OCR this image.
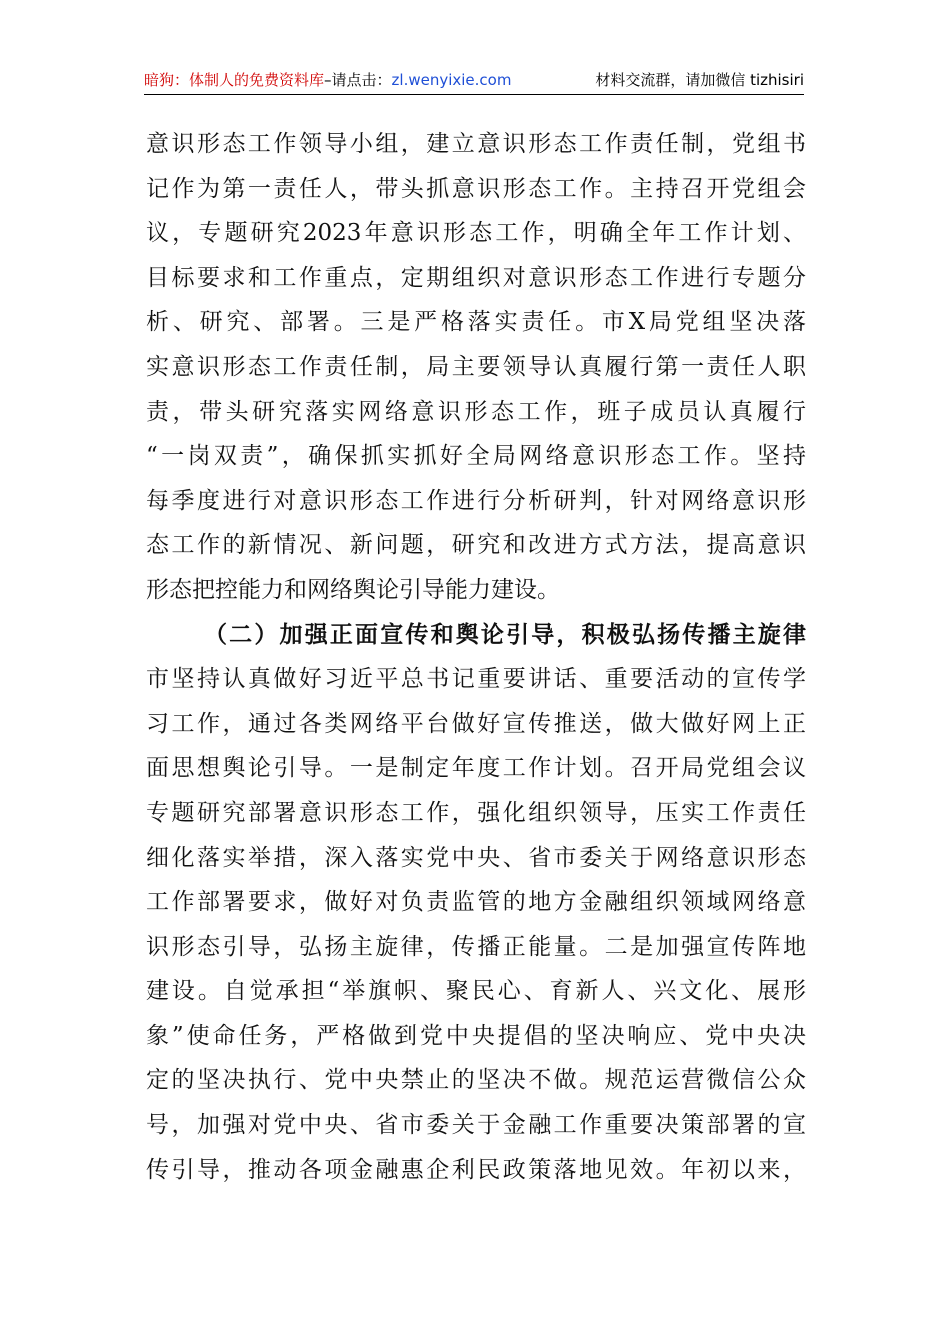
暗狗：体制人的免费资料库–请点击：zl.wenyixie.com	材料交流群，请加微信 tizhisiri
意识形态工作领导小组，建立意识形态工作责任制，党组书
记作为第一责任人，带头抓意识形态工作。主持召开党组会
议，专题研究2023年意识形态工作，明确全年工作计划、
目标要求和工作重点，定期组织对意识形态工作进行专题分
析、研究、部署。三是严格落实责任。市X局党组坚决落
实意识形态工作责任制，局主要领导认真履行第一责任人职
责，带头研究落实网络意识形态工作，班子成员认真履行
“一岗双责”，确保抓实抓好全局网络意识形态工作。坚持
每季度进行对意识形态工作进行分析研判，针对网络意识形
态工作的新情况、新问题，研究和改进方式方法，提高意识
形态把控能力和网络舆论引导能力建设。
（二）加强正面宣传和舆论引导，积极弘扬传播主旋律
市坚持认真做好习近平总书记重要讲话、重要活动的宣传学
习工作，通过各类网络平台做好宣传推送，做大做好网上正
面思想舆论引导。一是制定年度工作计划。召开局党组会议
专题研究部署意识形态工作，强化组织领导，压实工作责任
细化落实举措，深入落实党中央、省市委关于网络意识形态
工作部署要求，做好对负责监管的地方金融组织领域网络意
识形态引导，弘扬主旋律，传播正能量。二是加强宣传阵地
建设。自觉承担“举旗帜、聚民心、育新人、兴文化、展形
象”使命任务，严格做到党中央提倡的坚决响应、党中央决
定的坚决执行、党中央禁止的坚决不做。规范运营微信公众
号，加强对党中央、省市委关于金融工作重要决策部署的宣
传引导，推动各项金融惠企利民政策落地见效。年初以来，
